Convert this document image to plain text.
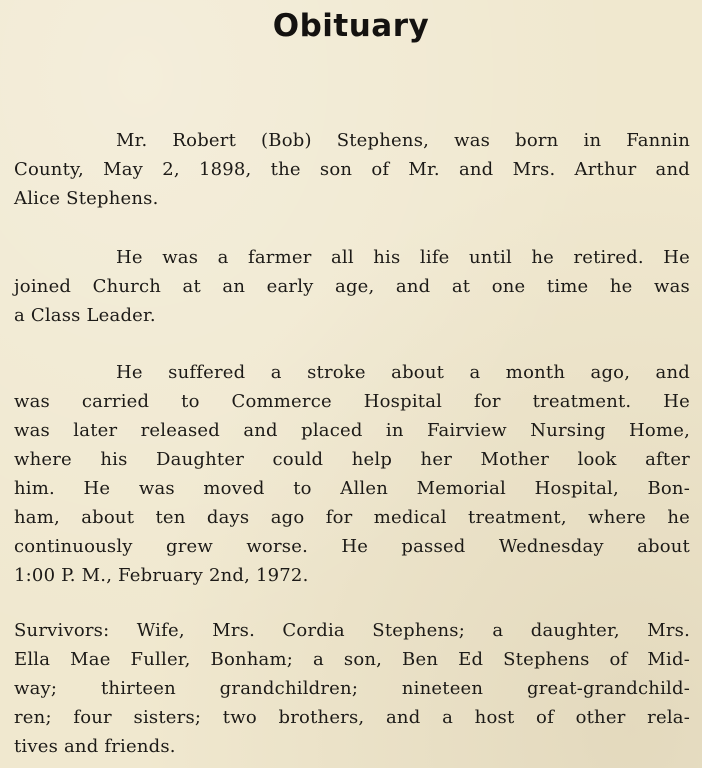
Obituary

Mr. Robert (Bob) Stephens, was born in Fannin
County, May 2, 1898, the son of Mr. and Mrs. Arthur and
Alice Stephens.

He was a farmer all his life until he retired. He
joined Church at an early age, and at one time he was
a Class Leader.

He suffered a stroke about a month ago, and
was carried to Commerce Hospital for treatment. He
was later released and placed in Fairview Nursing Home,
where his Daughter could help her Mother look after
him. He was moved to Allen Memorial Hospital, Bon-
ham, about ten days ago for medical treatment, where he
continuously grew worse. He passed Wednesday about
1:00 P. M., February 2nd, 1972.

Survivors: Wife, Mrs. Cordia Stephens; a daughter, Mrs.
Ella Mae Fuller, Bonham; a son, Ben Ed Stephens of Mid-
way; thirteen grandchildren; nineteen great-grandchild-
ren; four sisters; two brothers, and a host of other rela-
tives and friends.
